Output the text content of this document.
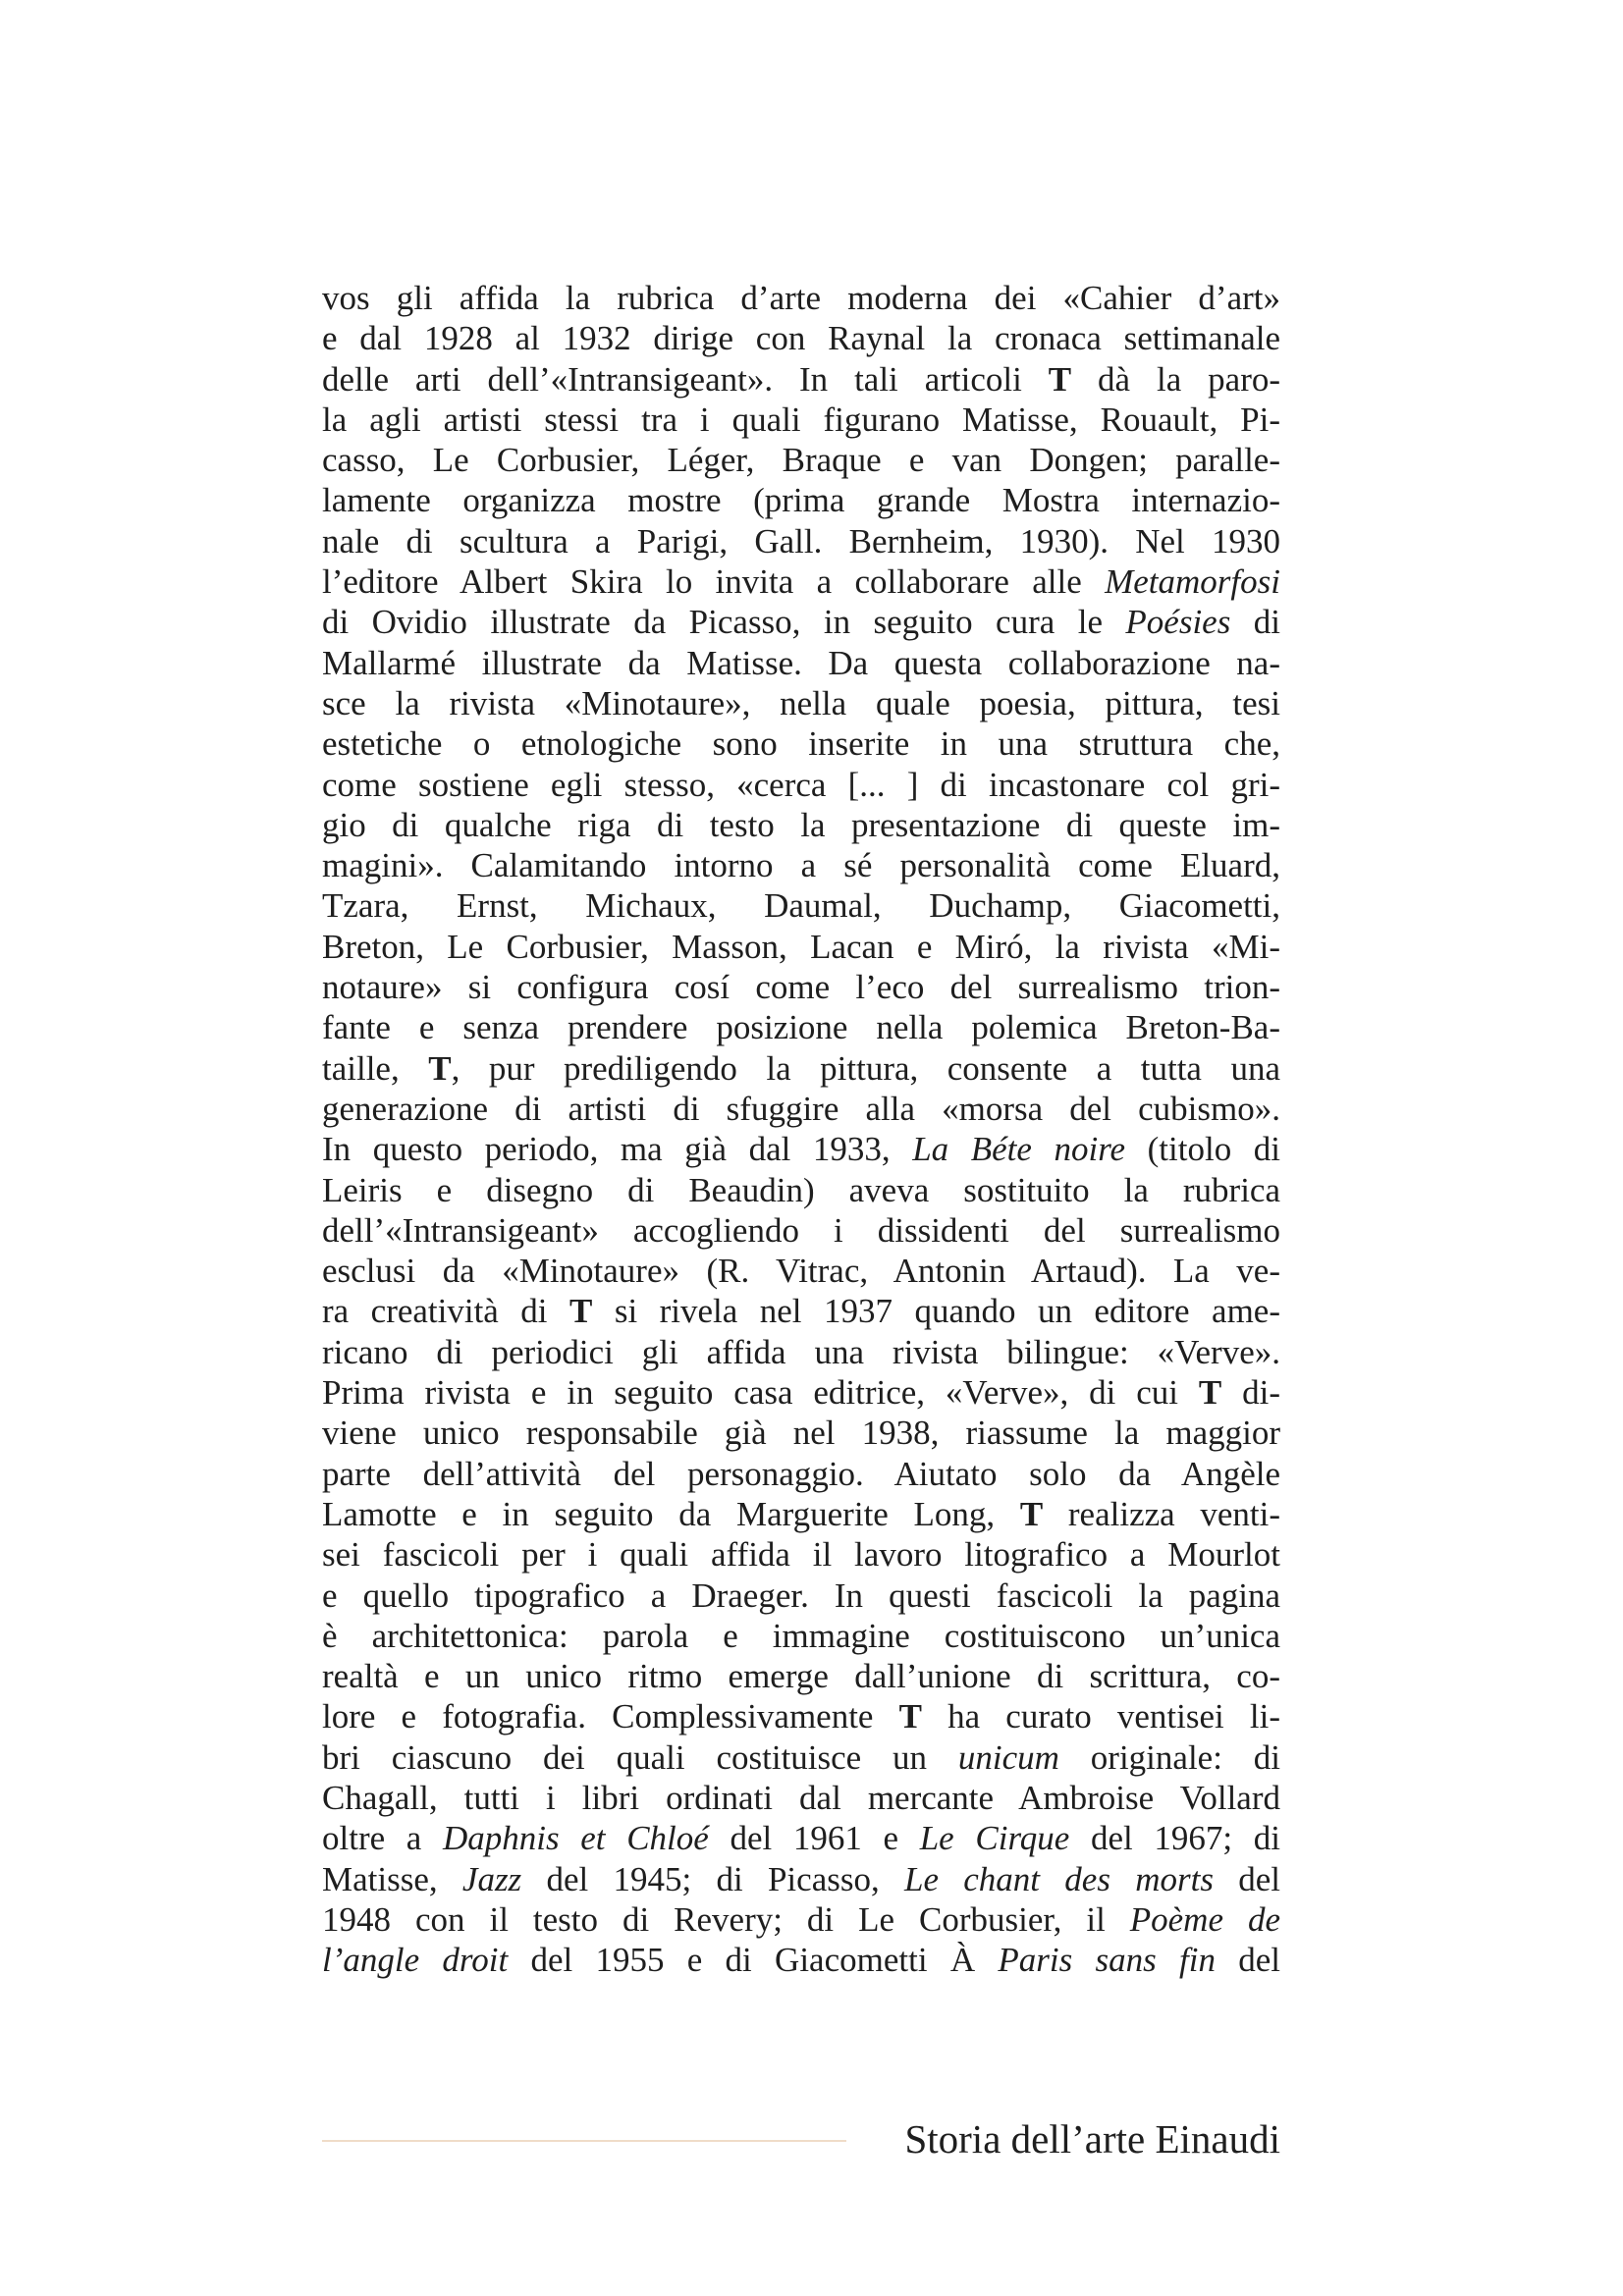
vos gli affida la rubrica d’arte moderna dei «Cahier d’art»
e dal 1928 al 1932 dirige con Raynal la cronaca settimanale
delle arti dell’«Intransigeant». In tali articoli T dà la paro-
la agli artisti stessi tra i quali figurano Matisse, Rouault, Pi-
casso, Le Corbusier, Léger, Braque e van Dongen; paralle-
lamente organizza mostre (prima grande Mostra internazio-
nale di scultura a Parigi, Gall. Bernheim, 1930). Nel 1930
l’editore Albert Skira lo invita a collaborare alle Metamorfosi
di Ovidio illustrate da Picasso, in seguito cura le Poésies di
Mallarmé illustrate da Matisse. Da questa collaborazione na-
sce la rivista «Minotaure», nella quale poesia, pittura, tesi
estetiche o etnologiche sono inserite in una struttura che,
come sostiene egli stesso, «cerca [... ] di incastonare col gri-
gio di qualche riga di testo la presentazione di queste im-
magini». Calamitando intorno a sé personalità come Eluard,
Tzara, Ernst, Michaux, Daumal, Duchamp, Giacometti,
Breton, Le Corbusier, Masson, Lacan e Miró, la rivista «Mi-
notaure» si configura cosí come l’eco del surrealismo trion-
fante e senza prendere posizione nella polemica Breton-Ba-
taille, T, pur prediligendo la pittura, consente a tutta una
generazione di artisti di sfuggire alla «morsa del cubismo».
In questo periodo, ma già dal 1933, La Béte noire (titolo di
Leiris e disegno di Beaudin) aveva sostituito la rubrica
dell’«Intransigeant» accogliendo i dissidenti del surrealismo
esclusi da «Minotaure» (R. Vitrac, Antonin Artaud). La ve-
ra creatività di T si rivela nel 1937 quando un editore ame-
ricano di periodici gli affida una rivista bilingue: «Verve».
Prima rivista e in seguito casa editrice, «Verve», di cui T di-
viene unico responsabile già nel 1938, riassume la maggior
parte dell’attività del personaggio. Aiutato solo da Angèle
Lamotte e in seguito da Marguerite Long, T realizza venti-
sei fascicoli per i quali affida il lavoro litografico a Mourlot
e quello tipografico a Draeger. In questi fascicoli la pagina
è architettonica: parola e immagine costituiscono un’unica
realtà e un unico ritmo emerge dall’unione di scrittura, co-
lore e fotografia. Complessivamente T ha curato ventisei li-
bri ciascuno dei quali costituisce un unicum originale: di
Chagall, tutti i libri ordinati dal mercante Ambroise Vollard
oltre a Daphnis et Chloé del 1961 e Le Cirque del 1967; di
Matisse, Jazz del 1945; di Picasso, Le chant des morts del
1948 con il testo di Revery; di Le Corbusier, il Poème de
l’angle droit del 1955 e di Giacometti À Paris sans fin del
Storia dell’arte Einaudi
